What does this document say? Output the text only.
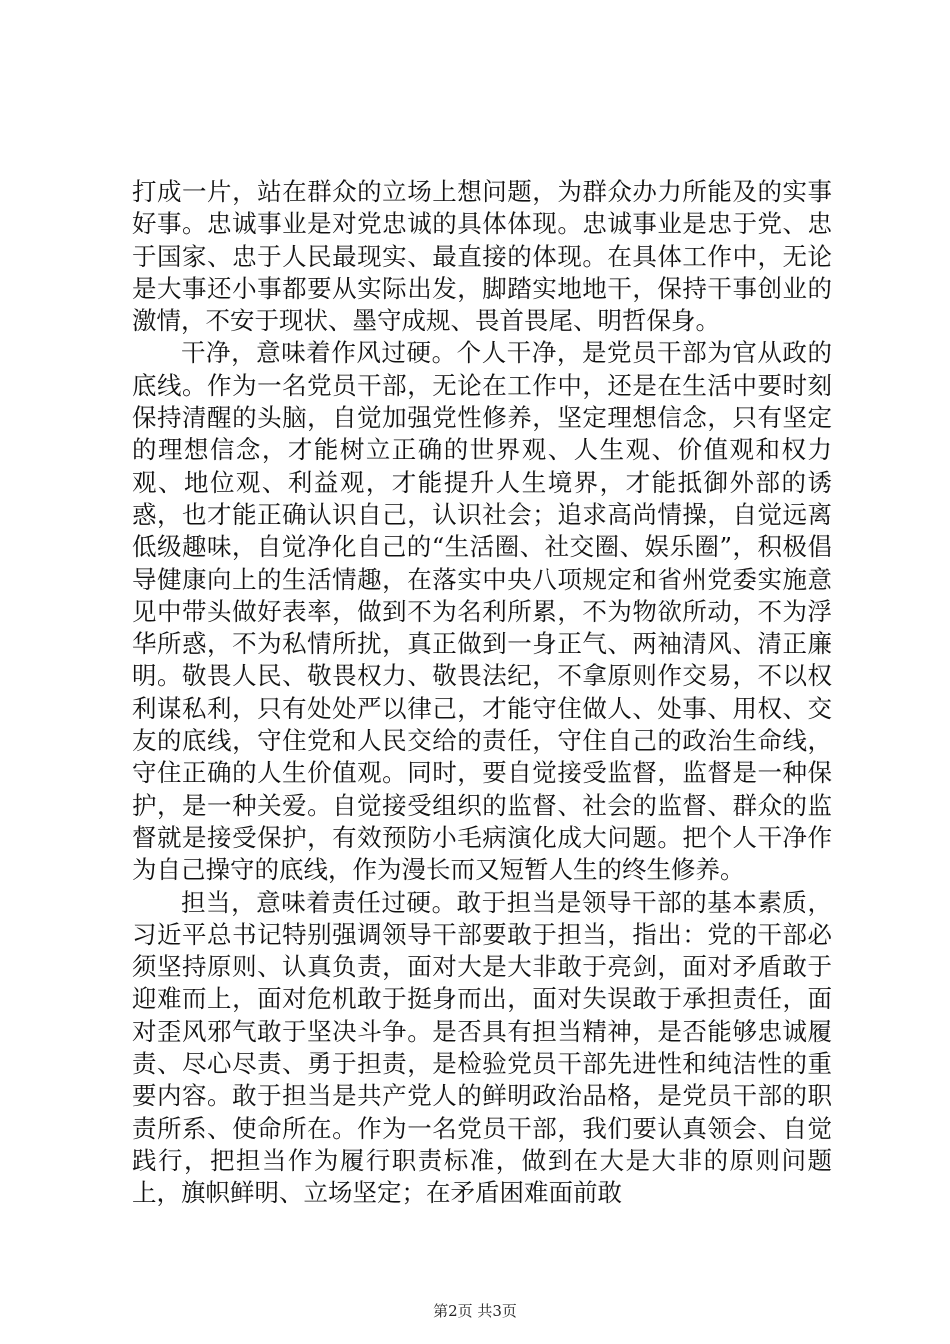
打成一片，站在群众的立场上想问题，为群众办力所能及的实事好事。忠诚事业是对党忠诚的具体体现。忠诚事业是忠于党、忠于国家、忠于人民最现实、最直接的体现。在具体工作中，无论是大事还小事都要从实际出发，脚踏实地地干，保持干事创业的激情，不安于现状、墨守成规、畏首畏尾、明哲保身。

干净，意味着作风过硬。个人干净，是党员干部为官从政的底线。作为一名党员干部，无论在工作中，还是在生活中要时刻保持清醒的头脑，自觉加强党性修养，坚定理想信念，只有坚定的理想信念，才能树立正确的世界观、人生观、价值观和权力观、地位观、利益观，才能提升人生境界，才能抵御外部的诱惑，也才能正确认识自己，认识社会；追求高尚情操，自觉远离低级趣味，自觉净化自己的“生活圈、社交圈、娱乐圈”，积极倡导健康向上的生活情趣，在落实中央八项规定和省州党委实施意见中带头做好表率，做到不为名利所累，不为物欲所动，不为浮华所惑，不为私情所扰，真正做到一身正气、两袖清风、清正廉明。敬畏人民、敬畏权力、敬畏法纪，不拿原则作交易，不以权利谋私利，只有处处严以律己，才能守住做人、处事、用权、交友的底线，守住党和人民交给的责任，守住自己的政治生命线，守住正确的人生价值观。同时，要自觉接受监督，监督是一种保护，是一种关爱。自觉接受组织的监督、社会的监督、群众的监督就是接受保护，有效预防小毛病演化成大问题。把个人干净作为自己操守的底线，作为漫长而又短暂人生的终生修养。

担当，意味着责任过硬。敢于担当是领导干部的基本素质，习近平总书记特别强调领导干部要敢于担当，指出：党的干部必须坚持原则、认真负责，面对大是大非敢于亮剑，面对矛盾敢于迎难而上，面对危机敢于挺身而出，面对失误敢于承担责任，面对歪风邪气敢于坚决斗争。是否具有担当精神，是否能够忠诚履责、尽心尽责、勇于担责，是检验党员干部先进性和纯洁性的重要内容。敢于担当是共产党人的鲜明政治品格，是党员干部的职责所系、使命所在。作为一名党员干部，我们要认真领会、自觉践行，把担当作为履行职责标准，做到在大是大非的原则问题上，旗帜鲜明、立场坚定；在矛盾困难面前敢

第2页 共3页
